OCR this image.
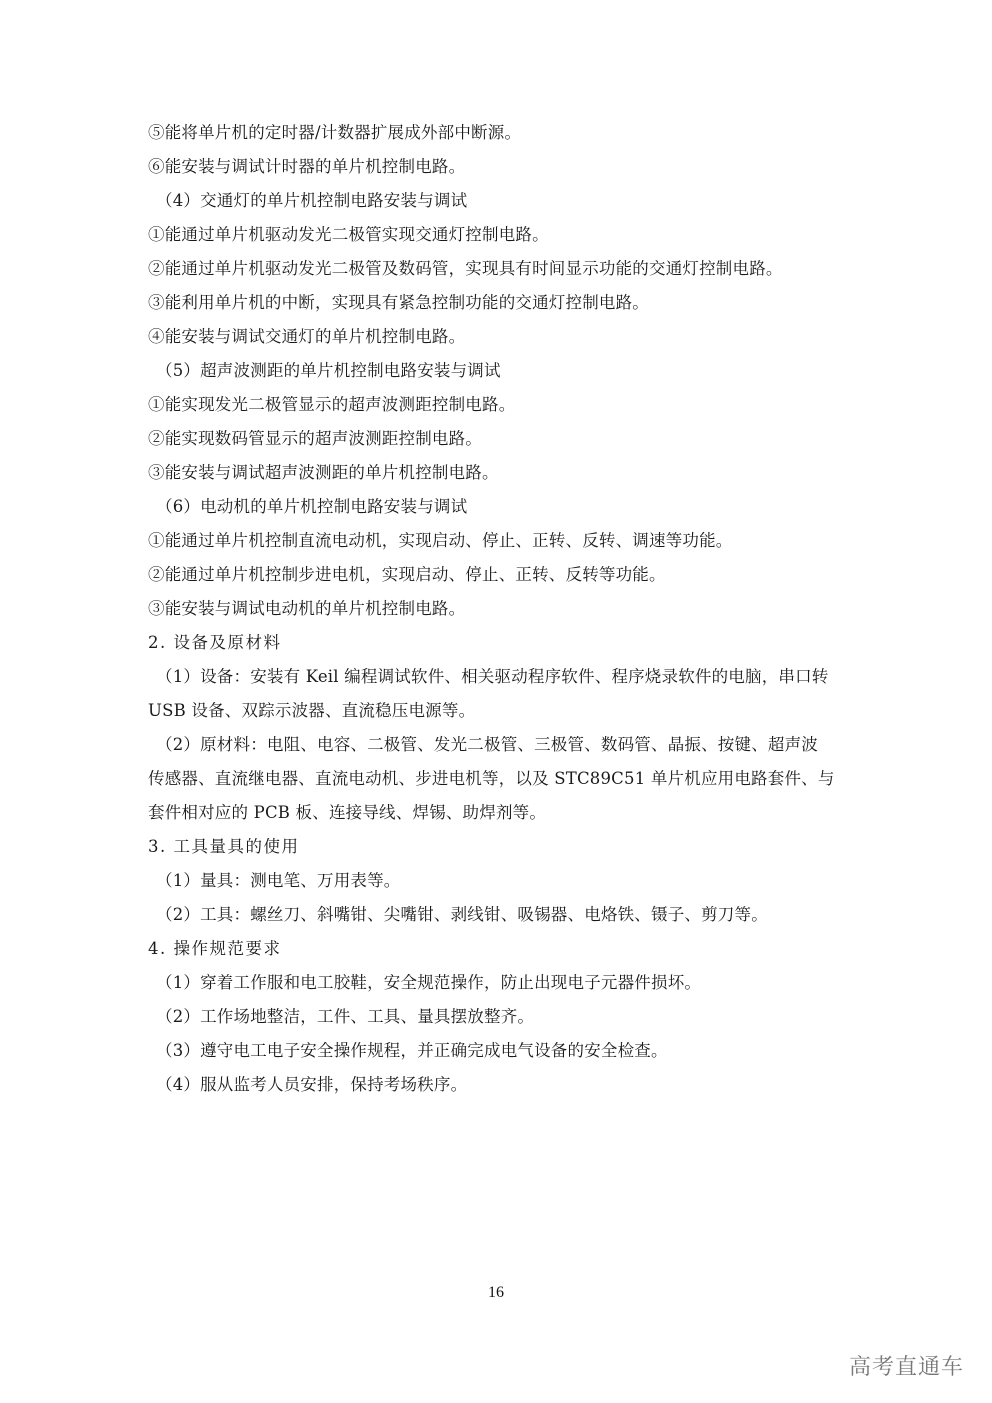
⑤能将单片机的定时器/计数器扩展成外部中断源。
⑥能安装与调试计时器的单片机控制电路。
（4）交通灯的单片机控制电路安装与调试
①能通过单片机驱动发光二极管实现交通灯控制电路。
②能通过单片机驱动发光二极管及数码管，实现具有时间显示功能的交通灯控制电路。
③能利用单片机的中断，实现具有紧急控制功能的交通灯控制电路。
④能安装与调试交通灯的单片机控制电路。
（5）超声波测距的单片机控制电路安装与调试
①能实现发光二极管显示的超声波测距控制电路。
②能实现数码管显示的超声波测距控制电路。
③能安装与调试超声波测距的单片机控制电路。
（6）电动机的单片机控制电路安装与调试
①能通过单片机控制直流电动机，实现启动、停止、正转、反转、调速等功能。
②能通过单片机控制步进电机，实现启动、停止、正转、反转等功能。
③能安装与调试电动机的单片机控制电路。
2. 设备及原材料
（1）设备：安装有 Keil 编程调试软件、相关驱动程序软件、程序烧录软件的电脑，串口转
USB 设备、双踪示波器、直流稳压电源等。
（2）原材料：电阻、电容、二极管、发光二极管、三极管、数码管、晶振、按键、超声波
传感器、直流继电器、直流电动机、步进电机等，以及 STC89C51 单片机应用电路套件、与
套件相对应的 PCB 板、连接导线、焊锡、助焊剂等。
3. 工具量具的使用
（1）量具：测电笔、万用表等。
（2）工具：螺丝刀、斜嘴钳、尖嘴钳、剥线钳、吸锡器、电烙铁、镊子、剪刀等。
4. 操作规范要求
（1）穿着工作服和电工胶鞋，安全规范操作，防止出现电子元器件损坏。
（2）工作场地整洁，工件、工具、量具摆放整齐。
（3）遵守电工电子安全操作规程，并正确完成电气设备的安全检查。
（4）服从监考人员安排，保持考场秩序。
16
高考直通车
